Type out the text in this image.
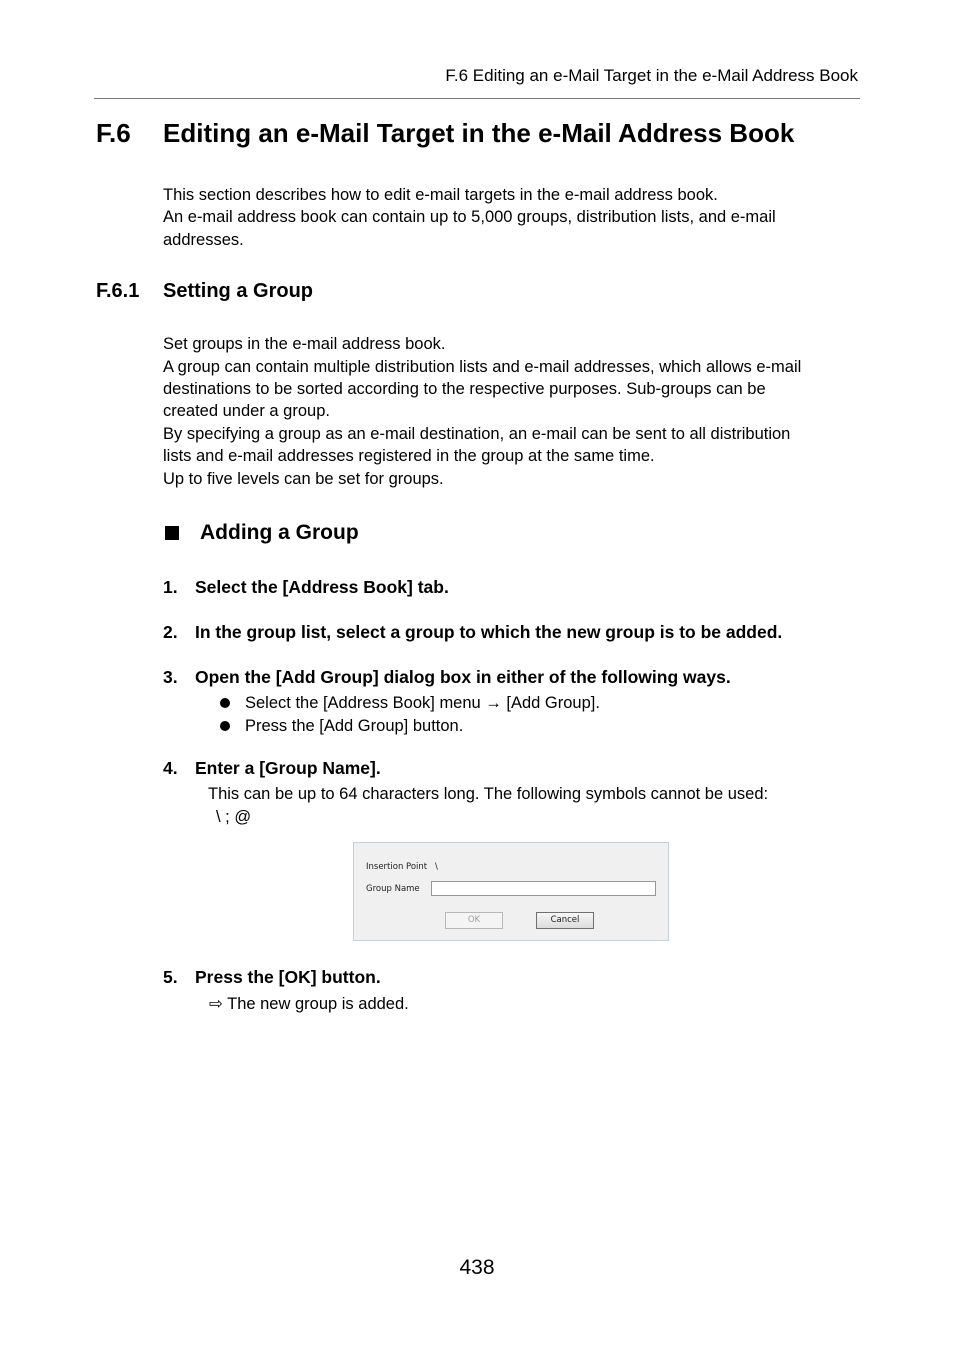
F.6 Editing an e-Mail Target in the e-Mail Address Book
F.6 Editing an e-Mail Target in the e-Mail Address Book
This section describes how to edit e-mail targets in the e-mail address book.
An e-mail address book can contain up to 5,000 groups, distribution lists, and e-mail
addresses.
F.6.1 Setting a Group
Set groups in the e-mail address book.
A group can contain multiple distribution lists and e-mail addresses, which allows e-mail
destinations to be sorted according to the respective purposes. Sub-groups can be
created under a group.
By specifying a group as an e-mail destination, an e-mail can be sent to all distribution
lists and e-mail addresses registered in the group at the same time.
Up to five levels can be set for groups.
Adding a Group
1. Select the [Address Book] tab.
2. In the group list, select a group to which the new group is to be added.
3. Open the [Add Group] dialog box in either of the following ways.
Select the [Address Book] menu → [Add Group].
Press the [Add Group] button.
4. Enter a [Group Name].
This can be up to 64 characters long. The following symbols cannot be used:
\ ; @
Insertion Point \
Group Name
OK	Cancel
5. Press the [OK] button.
⇨ The new group is added.
438
